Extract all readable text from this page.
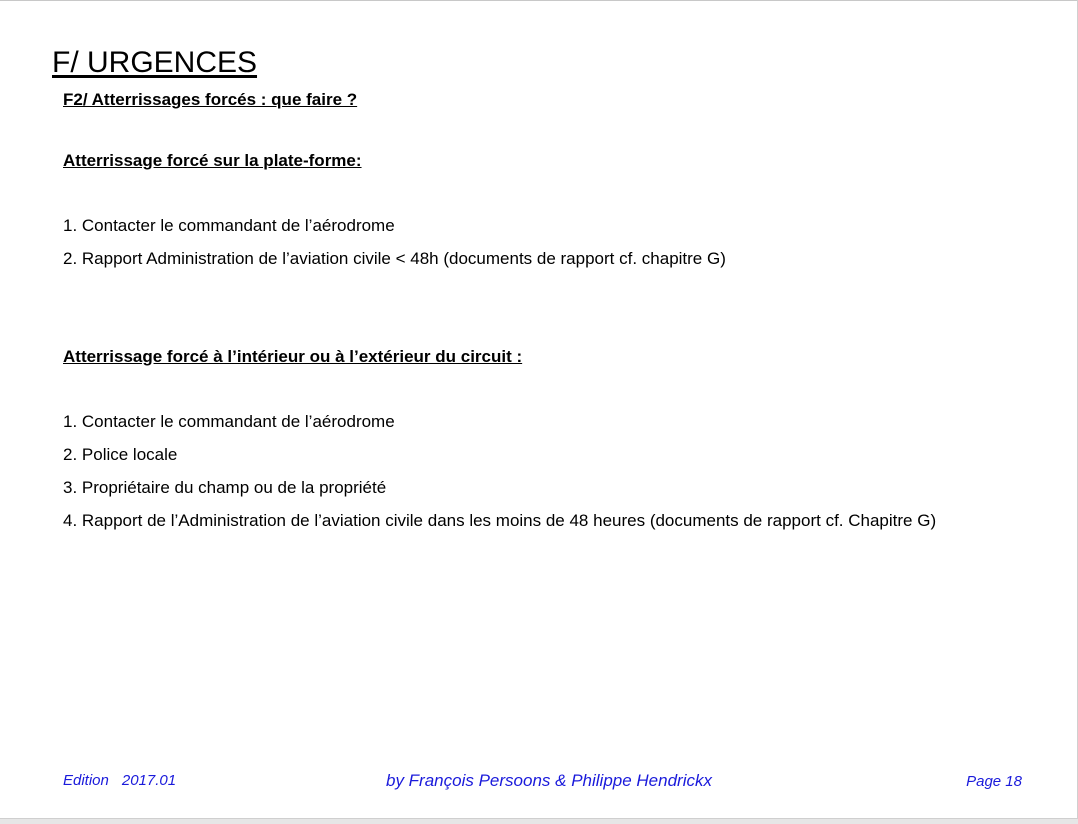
F/ URGENCES
F2/ Atterrissages forcés : que faire ?
Atterrissage forcé sur la plate-forme:
1. Contacter le commandant de l’aérodrome
2. Rapport Administration de l’aviation civile < 48h (documents de rapport cf. chapitre G)
Atterrissage forcé à l’intérieur ou à l’extérieur du circuit :
1. Contacter le commandant de l’aérodrome
2. Police locale
3. Propriétaire du champ ou de la propriété
4. Rapport de l’Administration de l’aviation civile dans les moins de 48 heures (documents de rapport cf. Chapitre G)
Edition 2017.01	by François Persoons & Philippe Hendrickx	Page 18
